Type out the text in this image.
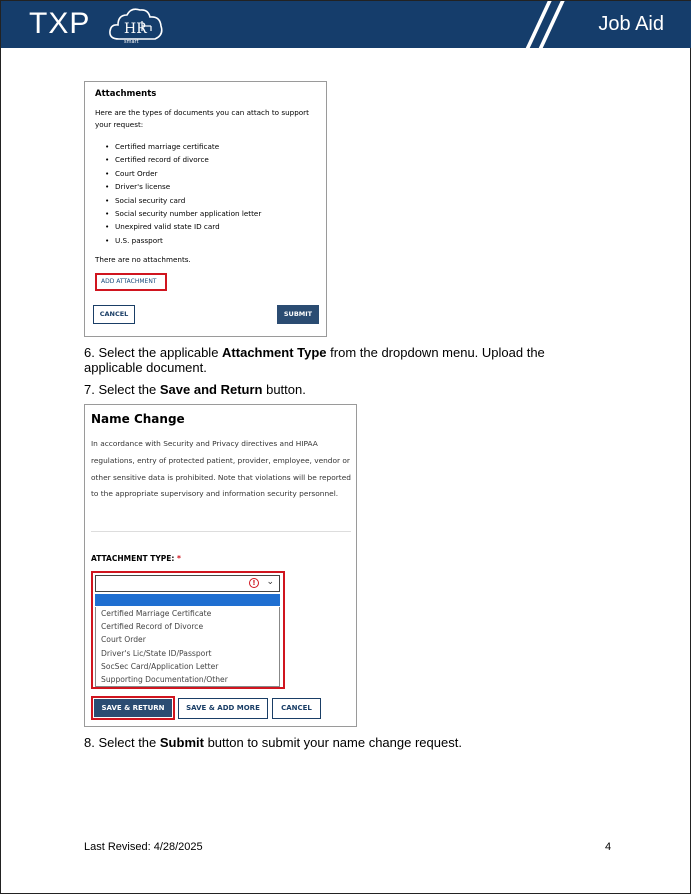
TXP HR
smart
Job Aid
Attachments
Here are the types of documents you can attach to support your request:
• Certified marriage certificate
• Certified record of divorce
• Court Order
• Driver's license
• Social security card
• Social security number application letter
• Unexpired valid state ID card
• U.S. passport
There are no attachments.
ADD ATTACHMENT
CANCEL	SUBMIT
6. Select the applicable Attachment Type from the dropdown menu. Upload the applicable document.
7. Select the Save and Return button.
Name Change
In accordance with Security and Privacy directives and HIPAA regulations, entry of protected patient, provider, employee, vendor or other sensitive data is prohibited. Note that violations will be reported to the appropriate supervisory and information security personnel.
ATTACHMENT TYPE: *
!	⌄
Certified Marriage Certificate
Certified Record of Divorce
Court Order
Driver's Lic/State ID/Passport
SocSec Card/Application Letter
Supporting Documentation/Other
SAVE & RETURN	SAVE & ADD MORE	CANCEL
8. Select the Submit button to submit your name change request.
Last Revised: 4/28/2025	4
